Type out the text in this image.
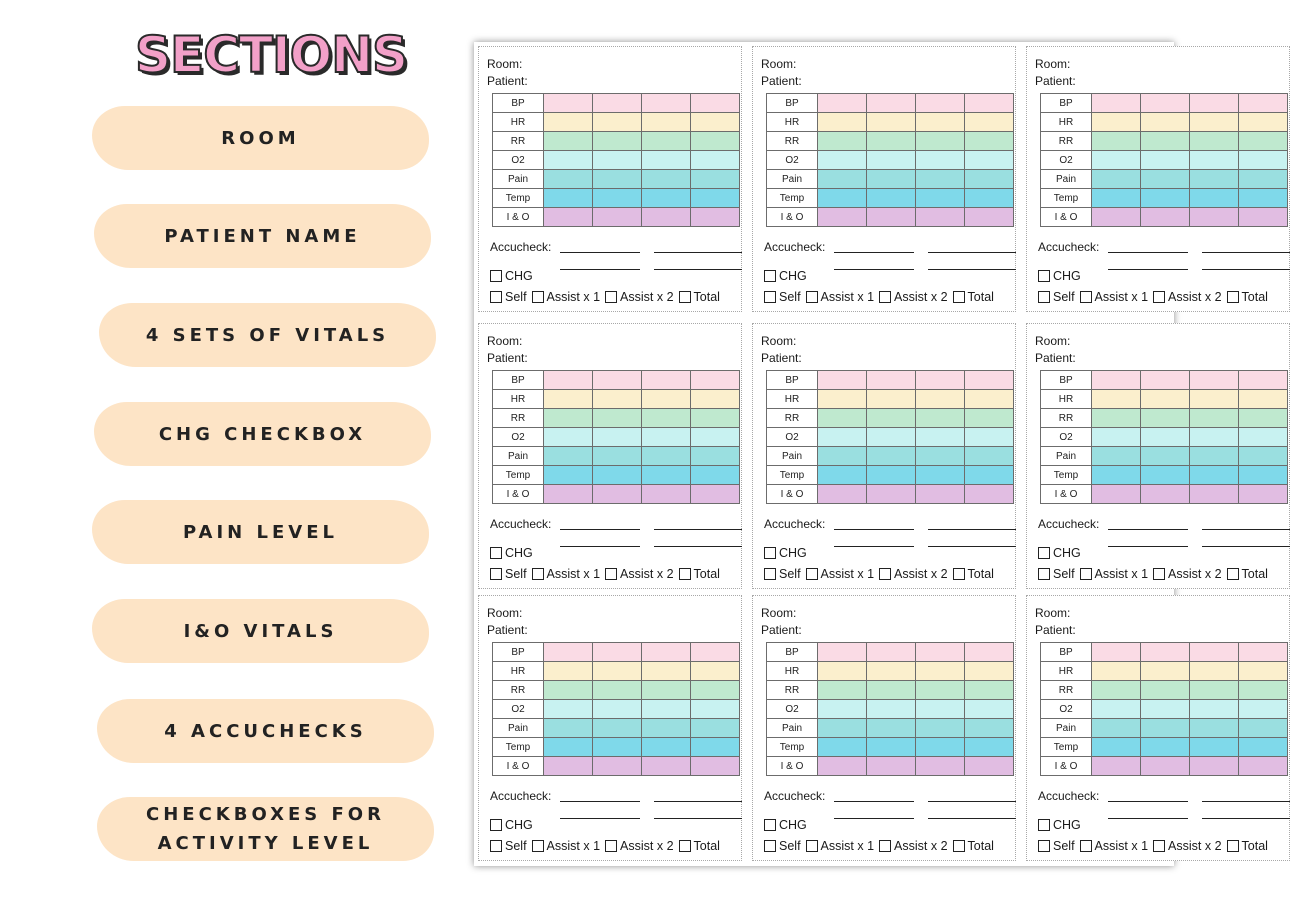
SECTIONS
ROOM
PATIENT NAME
4 SETS OF VITALS
CHG CHECKBOX
PAIN LEVEL
I&O VITALS
4 ACCUCHECKS
CHECKBOXES FOR
ACTIVITY LEVEL
Room:
Patient:
BP				
HR				
RR				
O2				
Pain				
Temp				
I & O				
Accucheck:
CHG
Self Assist x 1 Assist x 2 Total
Room:
Patient:
BP				
HR				
RR				
O2				
Pain				
Temp				
I & O				
Accucheck:
CHG
Self Assist x 1 Assist x 2 Total
Room:
Patient:
BP				
HR				
RR				
O2				
Pain				
Temp				
I & O				
Accucheck:
CHG
Self Assist x 1 Assist x 2 Total
Room:
Patient:
BP				
HR				
RR				
O2				
Pain				
Temp				
I & O				
Accucheck:
CHG
Self Assist x 1 Assist x 2 Total
Room:
Patient:
BP				
HR				
RR				
O2				
Pain				
Temp				
I & O				
Accucheck:
CHG
Self Assist x 1 Assist x 2 Total
Room:
Patient:
BP				
HR				
RR				
O2				
Pain				
Temp				
I & O				
Accucheck:
CHG
Self Assist x 1 Assist x 2 Total
Room:
Patient:
BP				
HR				
RR				
O2				
Pain				
Temp				
I & O				
Accucheck:
CHG
Self Assist x 1 Assist x 2 Total
Room:
Patient:
BP				
HR				
RR				
O2				
Pain				
Temp				
I & O				
Accucheck:
CHG
Self Assist x 1 Assist x 2 Total
Room:
Patient:
BP				
HR				
RR				
O2				
Pain				
Temp				
I & O				
Accucheck:
CHG
Self Assist x 1 Assist x 2 Total
